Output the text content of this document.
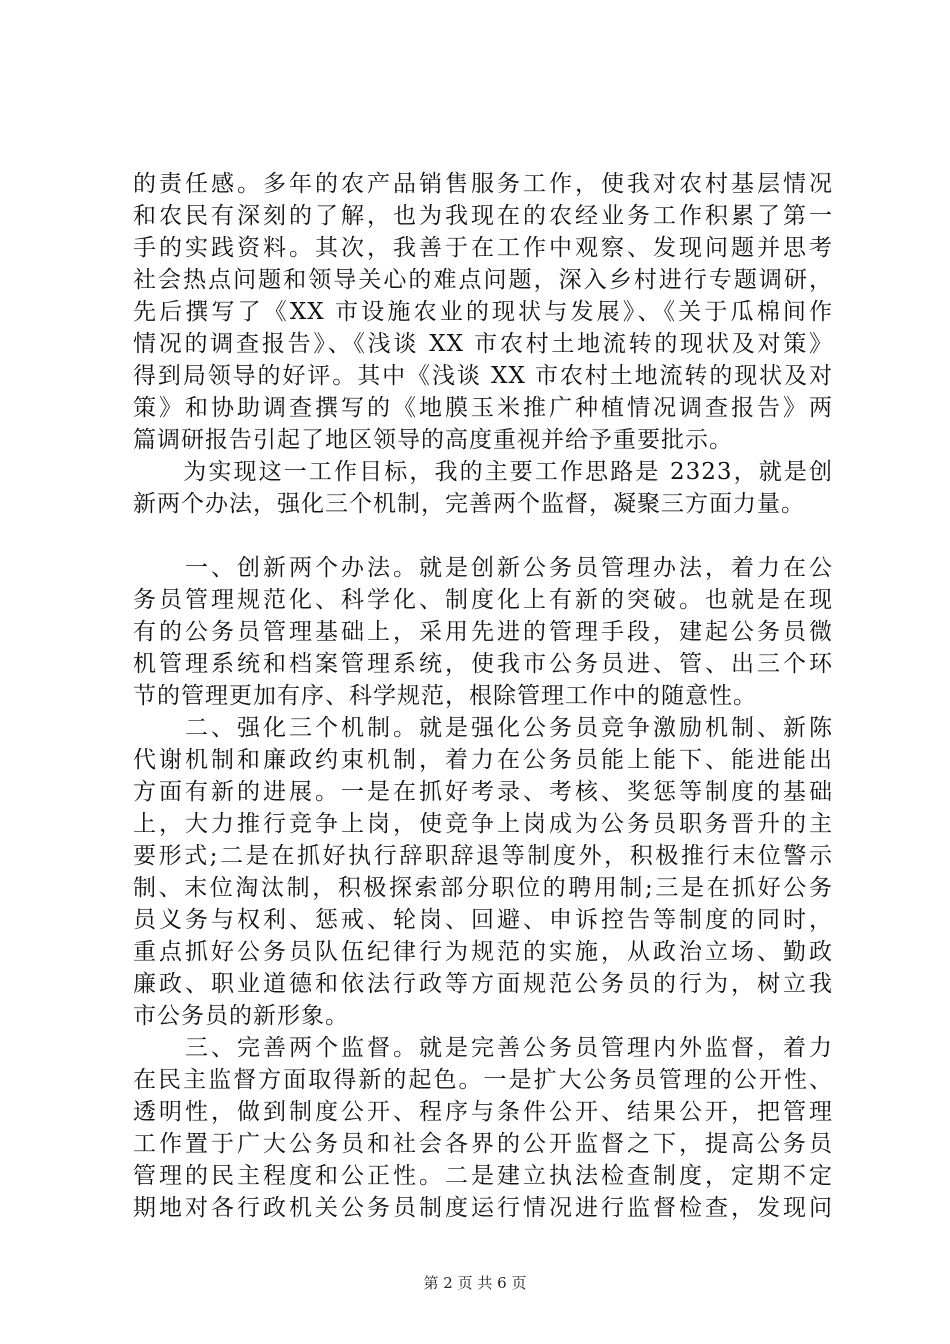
的责任感。多年的农产品销售服务工作，使我对农村基层情况
和农民有深刻的了解，也为我现在的农经业务工作积累了第一
手的实践资料。其次，我善于在工作中观察、发现问题并思考
社会热点问题和领导关心的难点问题，深入乡村进行专题调研，
先后撰写了《XX 市设施农业的现状与发展》、《关于瓜棉间作
情况的调查报告》、《浅谈 XX 市农村土地流转的现状及对策》
得到局领导的好评。其中《浅谈 XX 市农村土地流转的现状及对
策》和协助调查撰写的《地膜玉米推广种植情况调查报告》两
篇调研报告引起了地区领导的高度重视并给予重要批示。
　　为实现这一工作目标，我的主要工作思路是 2323，就是创
新两个办法，强化三个机制，完善两个监督，凝聚三方面力量。
　　一、创新两个办法。就是创新公务员管理办法，着力在公
务员管理规范化、科学化、制度化上有新的突破。也就是在现
有的公务员管理基础上，采用先进的管理手段，建起公务员微
机管理系统和档案管理系统，使我市公务员进、管、出三个环
节的管理更加有序、科学规范，根除管理工作中的随意性。
　　二、强化三个机制。就是强化公务员竞争激励机制、新陈
代谢机制和廉政约束机制，着力在公务员能上能下、能进能出
方面有新的进展。一是在抓好考录、考核、奖惩等制度的基础
上，大力推行竞争上岗，使竞争上岗成为公务员职务晋升的主
要形式;二是在抓好执行辞职辞退等制度外，积极推行末位警示
制、末位淘汰制，积极探索部分职位的聘用制;三是在抓好公务
员义务与权利、惩戒、轮岗、回避、申诉控告等制度的同时，
重点抓好公务员队伍纪律行为规范的实施，从政治立场、勤政
廉政、职业道德和依法行政等方面规范公务员的行为，树立我
市公务员的新形象。
　　三、完善两个监督。就是完善公务员管理内外监督，着力
在民主监督方面取得新的起色。一是扩大公务员管理的公开性、
透明性，做到制度公开、程序与条件公开、结果公开，把管理
工作置于广大公务员和社会各界的公开监督之下，提高公务员
管理的民主程度和公正性。二是建立执法检查制度，定期不定
期地对各行政机关公务员制度运行情况进行监督检查，发现问
第 2 页 共 6 页
